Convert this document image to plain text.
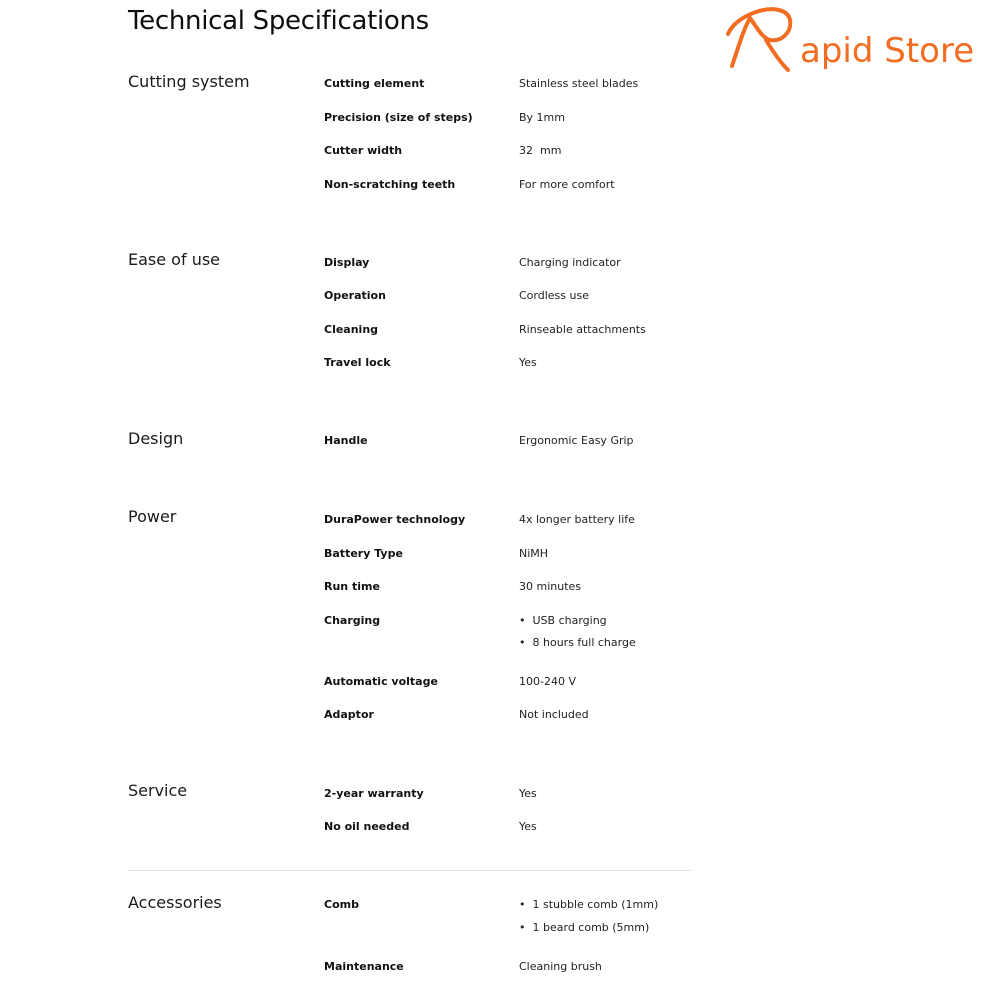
Technical Specifications
apid Store
Cutting system	Cutting element	Stainless steel blades
Precision (size of steps)	By 1mm
Cutter width	32  mm
Non-scratching teeth	For more comfort
Ease of use	Display	Charging indicator
Operation	Cordless use
Cleaning	Rinseable attachments
Travel lock	Yes
Design	Handle	Ergonomic Easy Grip
Power	DuraPower technology	4x longer battery life
Battery Type	NiMH
Run time	30 minutes
Charging	• USB charging
• 8 hours full charge
Automatic voltage	100-240 V
Adaptor	Not included
Service	2-year warranty	Yes
No oil needed	Yes
Accessories	Comb	• 1 stubble comb (1mm)
• 1 beard comb (5mm)
Maintenance	Cleaning brush
